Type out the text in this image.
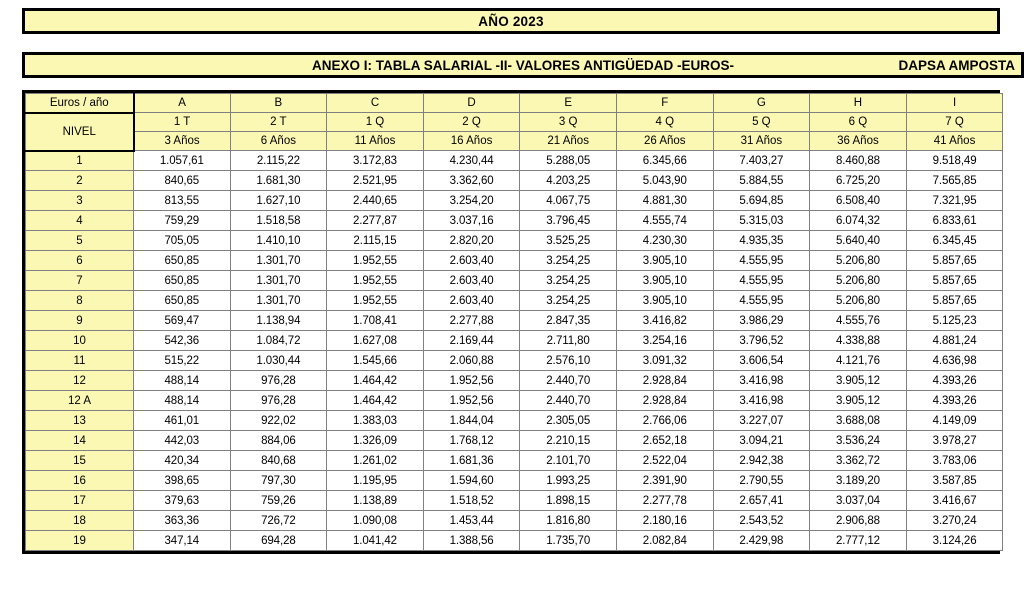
AÑO 2023
ANEXO I: TABLA SALARIAL -II- VALORES ANTIGÜEDAD -EUROS-	DAPSA AMPOSTA
Euros / año	A	B	C	D	E	F	G	H	I
NIVEL	1 T	2 T	1 Q	2 Q	3 Q	4 Q	5 Q	6 Q	7 Q
	3 Años	6 Años	11 Años	16 Años	21 Años	26 Años	31 Años	36 Años	41 Años
1	1.057,61	2.115,22	3.172,83	4.230,44	5.288,05	6.345,66	7.403,27	8.460,88	9.518,49
2	840,65	1.681,30	2.521,95	3.362,60	4.203,25	5.043,90	5.884,55	6.725,20	7.565,85
3	813,55	1.627,10	2.440,65	3.254,20	4.067,75	4.881,30	5.694,85	6.508,40	7.321,95
4	759,29	1.518,58	2.277,87	3.037,16	3.796,45	4.555,74	5.315,03	6.074,32	6.833,61
5	705,05	1.410,10	2.115,15	2.820,20	3.525,25	4.230,30	4.935,35	5.640,40	6.345,45
6	650,85	1.301,70	1.952,55	2.603,40	3.254,25	3.905,10	4.555,95	5.206,80	5.857,65
7	650,85	1.301,70	1.952,55	2.603,40	3.254,25	3.905,10	4.555,95	5.206,80	5.857,65
8	650,85	1.301,70	1.952,55	2.603,40	3.254,25	3.905,10	4.555,95	5.206,80	5.857,65
9	569,47	1.138,94	1.708,41	2.277,88	2.847,35	3.416,82	3.986,29	4.555,76	5.125,23
10	542,36	1.084,72	1.627,08	2.169,44	2.711,80	3.254,16	3.796,52	4.338,88	4.881,24
11	515,22	1.030,44	1.545,66	2.060,88	2.576,10	3.091,32	3.606,54	4.121,76	4.636,98
12	488,14	976,28	1.464,42	1.952,56	2.440,70	2.928,84	3.416,98	3.905,12	4.393,26
12 A	488,14	976,28	1.464,42	1.952,56	2.440,70	2.928,84	3.416,98	3.905,12	4.393,26
13	461,01	922,02	1.383,03	1.844,04	2.305,05	2.766,06	3.227,07	3.688,08	4.149,09
14	442,03	884,06	1.326,09	1.768,12	2.210,15	2.652,18	3.094,21	3.536,24	3.978,27
15	420,34	840,68	1.261,02	1.681,36	2.101,70	2.522,04	2.942,38	3.362,72	3.783,06
16	398,65	797,30	1.195,95	1.594,60	1.993,25	2.391,90	2.790,55	3.189,20	3.587,85
17	379,63	759,26	1.138,89	1.518,52	1.898,15	2.277,78	2.657,41	3.037,04	3.416,67
18	363,36	726,72	1.090,08	1.453,44	1.816,80	2.180,16	2.543,52	2.906,88	3.270,24
19	347,14	694,28	1.041,42	1.388,56	1.735,70	2.082,84	2.429,98	2.777,12	3.124,26
